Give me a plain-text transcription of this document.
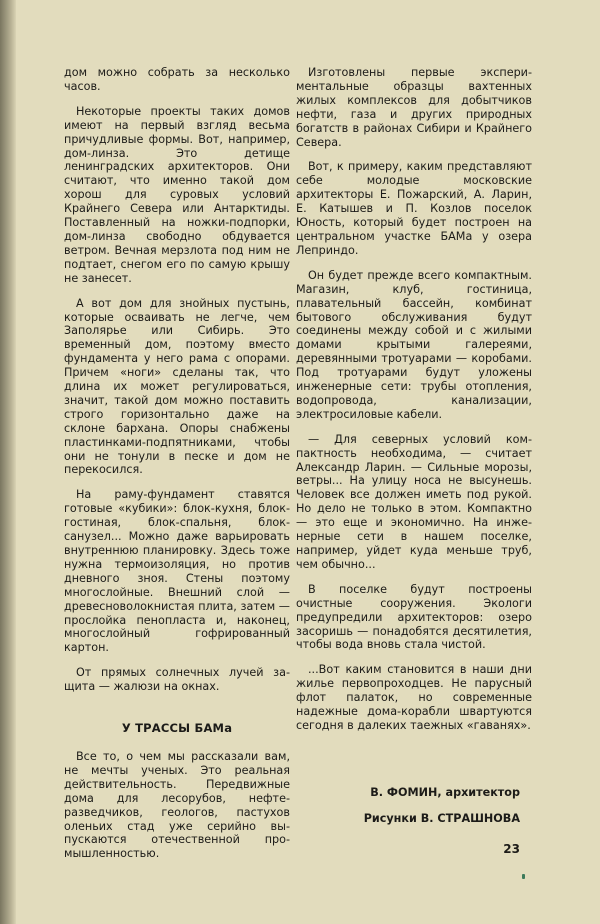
дом можно собрать за несколько часов.

Некоторые проекты таких домов имеют на первый взгляд весьма причудливые формы. Вот, например, дом-линза. Это детище ленинградских архитекторов. Они считают, что именно такой дом хорош для суровых условий Крайнего Севера или Антарктиды. Поставленный на ножки-подпорки, дом-линза свободно обдувается ветром. Вечная мерзлота под ним не подтает, снегом его по самую крышу не занесет.

А вот дом для знойных пустынь, которые осваивать не легче, чем Заполярье или Сибирь. Это временный дом, поэтому вместо фундамента у него рама с опорами. Причем «ноги» сделаны так, что длина их может регулироваться, значит, такой дом можно поставить строго горизонтально даже на склоне бархана. Опоры снабжены пластинками-подпятниками, чтобы они не тонули в песке и дом не перекосился.

На раму-фундамент ставятся готовые «кубики»: блок-кухня, блок-гостиная, блок-спальня, блок-санузел... Можно даже варьировать внутреннюю планировку. Здесь тоже нужна термоизоляция, но против дневного зноя. Стены поэтому многослойные. Внешний слой — древесноволокнистая плита, затем — прослойка пенопласта и, наконец, многослойный гофрированный картон.

От прямых солнечных лучей защита — жалюзи на окнах.

У ТРАССЫ БАМа

Все то, о чем мы рассказали вам, не мечты ученых. Это реальная действительность. Передвижные дома для лесорубов, нефтеразведчиков, геологов, пастухов оленьих стад уже серийно выпускаются отечественной промышленностью.

Изготовлены первые экспериментальные образцы вахтенных жилых комплексов для добытчиков нефти, газа и других природных богатств в районах Сибири и Крайнего Севера.

Вот, к примеру, каким представляют себе молодые московские архитекторы Е. Пожарский, А. Ларин, Е. Катышев и П. Козлов поселок Юность, который будет построен на центральном участке БАМа у озера Леприндо.

Он будет прежде всего компактным. Магазин, клуб, гостиница, плавательный бассейн, комбинат бытового обслуживания будут соединены между собой и с жилыми домами крытыми галереями, деревянными тротуарами — коробами. Под тротуарами будут уложены инженерные сети: трубы отопления, водопровода, канализации, электросиловые кабели.

— Для северных условий компактность необходима, — считает Александр Ларин. — Сильные морозы, ветры... На улицу носа не высунешь. Человек все должен иметь под рукой. Но дело не только в этом. Компактно — это еще и экономично. На инженерные сети в нашем поселке, например, уйдет куда меньше труб, чем обычно...

В поселке будут построены очистные сооружения. Экологи предупредили архитекторов: озеро засоришь — понадобятся десятилетия, чтобы вода вновь стала чистой.

...Вот каким становится в наши дни жилье первопроходцев. Не парусный флот палаток, но современные надежные дома-корабли швартуются сегодня в далеких таежных «гаванях».

В. ФОМИН, архитектор
Рисунки В. СТРАШНОВА
23
